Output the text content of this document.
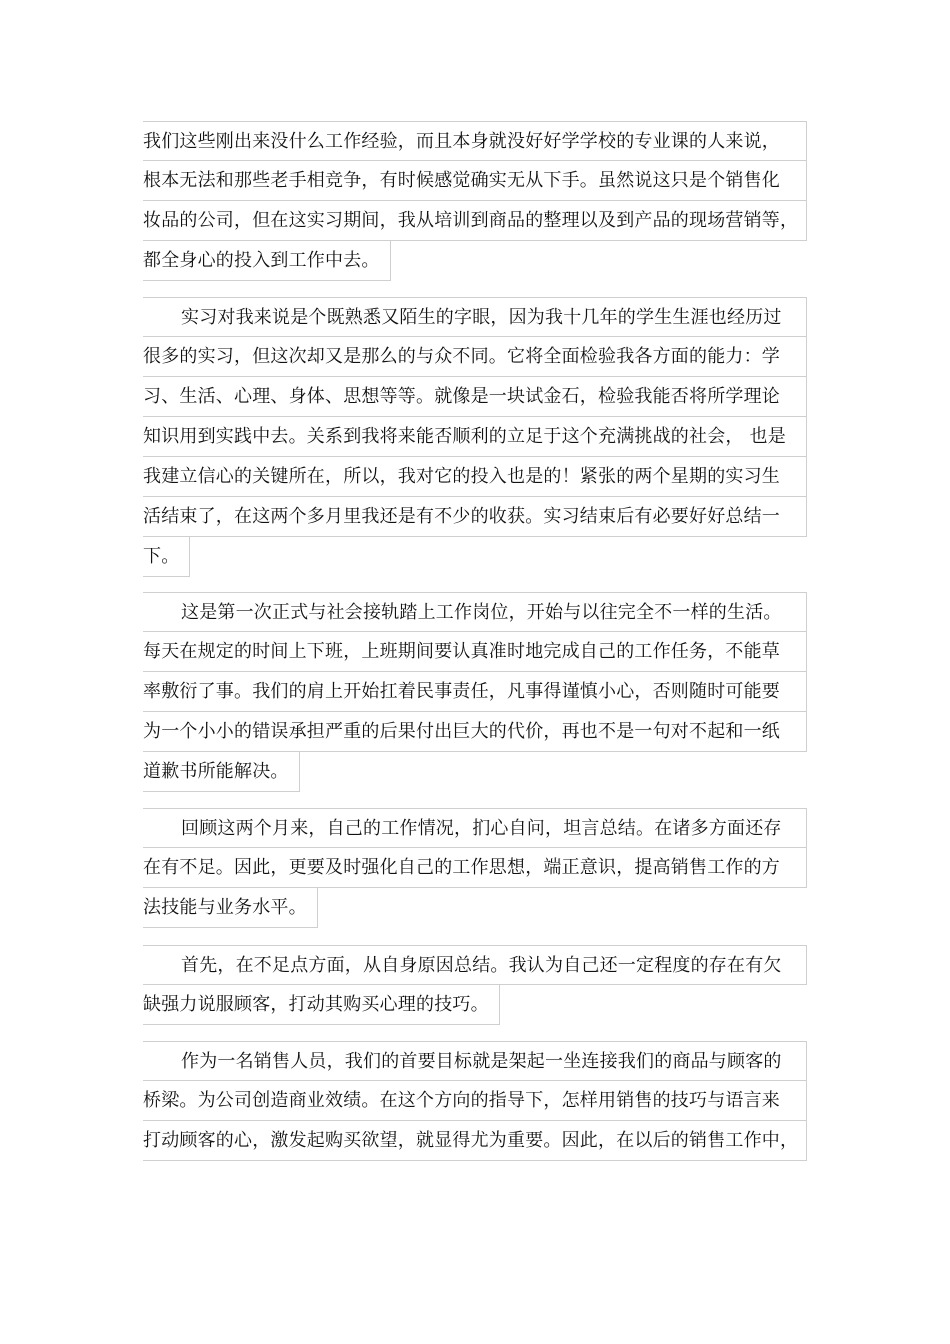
我们这些刚出来没什么工作经验，而且本身就没好好学学校的专业课的人来说，
根本无法和那些老手相竞争，有时候感觉确实无从下手。虽然说这只是个销售化
妆品的公司，但在这实习期间，我从培训到商品的整理以及到产品的现场营销等，
都全身心的投入到工作中去。
实习对我来说是个既熟悉又陌生的字眼，因为我十几年的学生生涯也经历过
很多的实习，但这次却又是那么的与众不同。它将全面检验我各方面的能力：学
习、生活、心理、身体、思想等等。就像是一块试金石，检验我能否将所学理论
知识用到实践中去。关系到我将来能否顺利的立足于这个充满挑战的社会， 也是
我建立信心的关键所在，所以，我对它的投入也是的！紧张的两个星期的实习生
活结束了，在这两个多月里我还是有不少的收获。实习结束后有必要好好总结一
下。
这是第一次正式与社会接轨踏上工作岗位，开始与以往完全不一样的生活。
每天在规定的时间上下班，上班期间要认真准时地完成自己的工作任务，不能草
率敷衍了事。我们的肩上开始扛着民事责任，凡事得谨慎小心，否则随时可能要
为一个小小的错误承担严重的后果付出巨大的代价，再也不是一句对不起和一纸
道歉书所能解决。
回顾这两个月来，自己的工作情况，扪心自问，坦言总结。在诸多方面还存
在有不足。因此，更要及时强化自己的工作思想，端正意识，提高销售工作的方
法技能与业务水平。
首先，在不足点方面，从自身原因总结。我认为自己还一定程度的存在有欠
缺强力说服顾客，打动其购买心理的技巧。
作为一名销售人员，我们的首要目标就是架起一坐连接我们的商品与顾客的
桥梁。为公司创造商业效绩。在这个方向的指导下，怎样用销售的技巧与语言来
打动顾客的心，激发起购买欲望，就显得尤为重要。因此，在以后的销售工作中，
